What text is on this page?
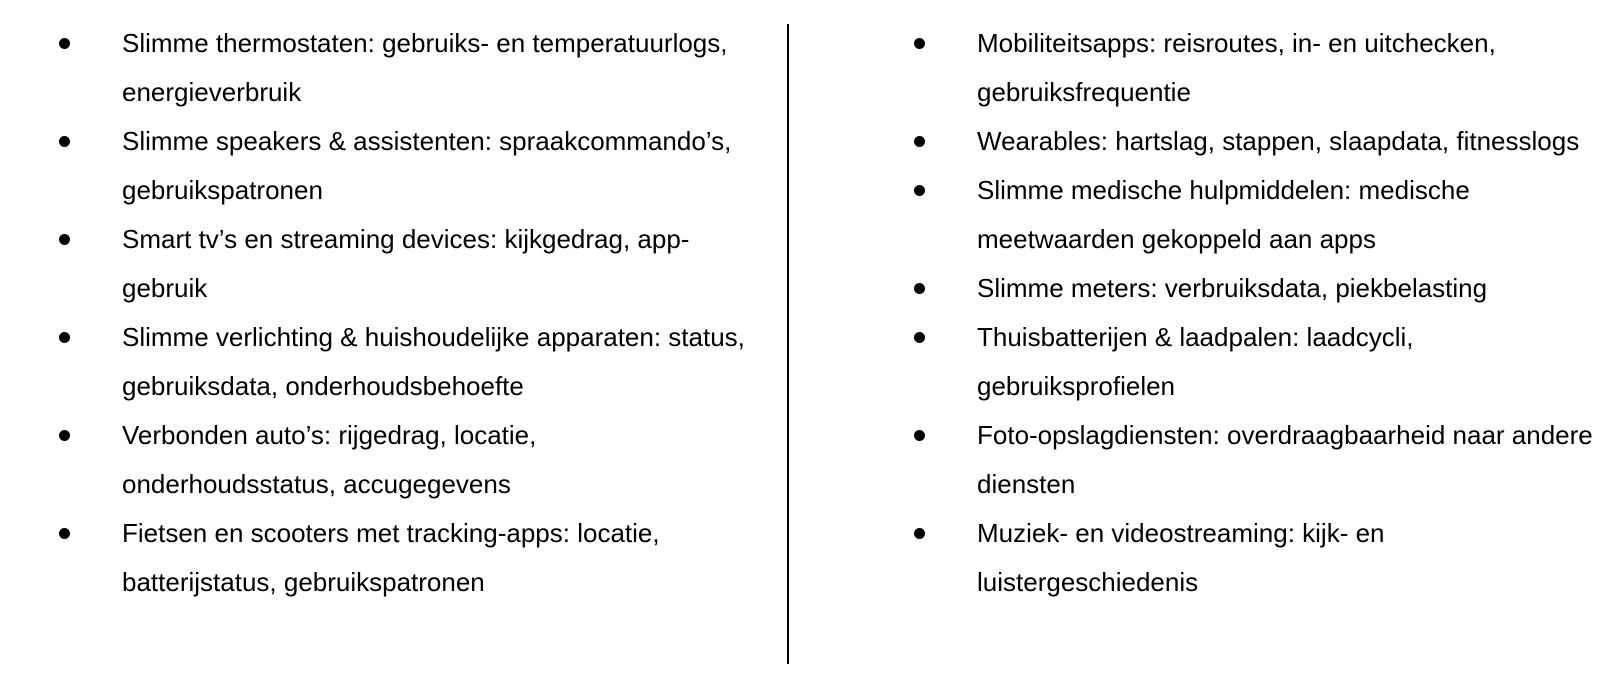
Slimme thermostaten: gebruiks- en temperatuurlogs, energieverbruik
Slimme speakers & assistenten: spraakcommando’s, gebruikspatronen
Smart tv’s en streaming devices: kijkgedrag, app-gebruik
Slimme verlichting & huishoudelijke apparaten: status, gebruiksdata, onderhoudsbehoefte
Verbonden auto’s: rijgedrag, locatie, onderhoudsstatus, accugegevens
Fietsen en scooters met tracking-apps: locatie, batterijstatus, gebruikspatronen
Mobiliteitsapps: reisroutes, in- en uitchecken, gebruiksfrequentie
Wearables: hartslag, stappen, slaapdata, fitnesslogs
Slimme medische hulpmiddelen: medische meetwaarden gekoppeld aan apps
Slimme meters: verbruiksdata, piekbelasting
Thuisbatterijen & laadpalen: laadcycli, gebruiksprofielen
Foto-opslagdiensten: overdraagbaarheid naar andere diensten
Muziek- en videostreaming: kijk- en luistergeschiedenis
